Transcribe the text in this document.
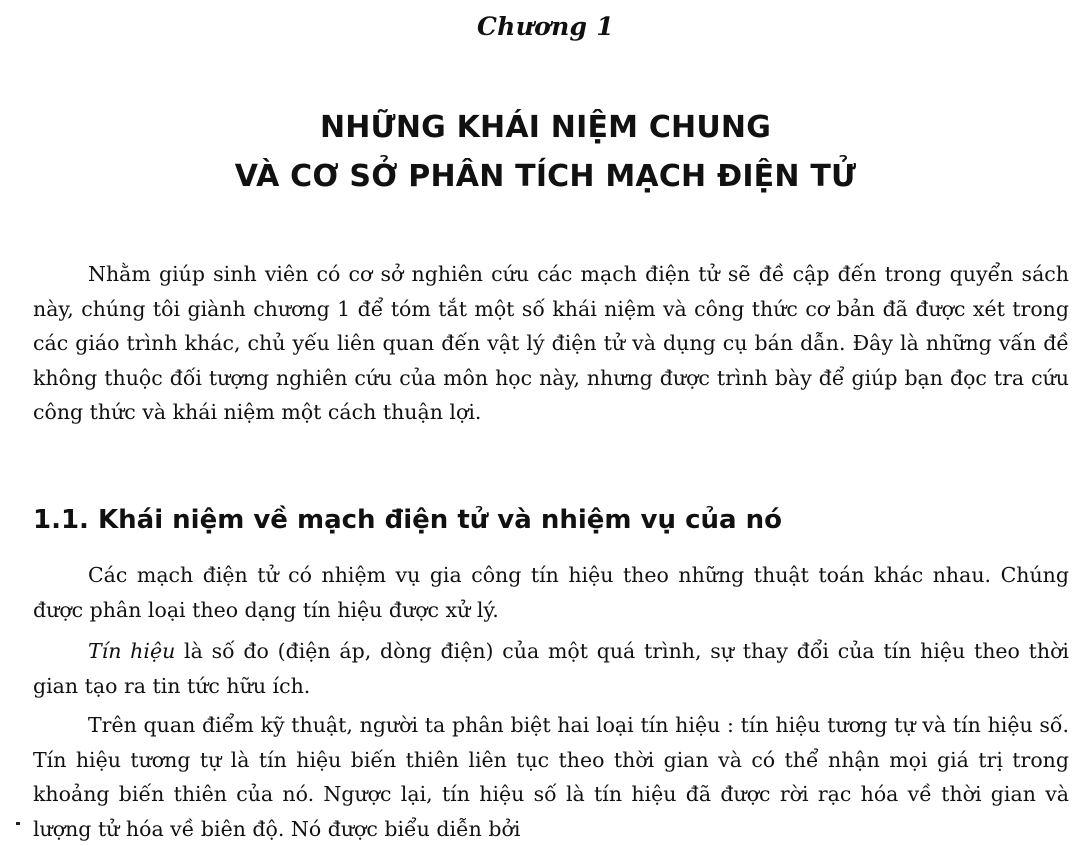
Chương 1
NHỮNG KHÁI NIỆM CHUNG
VÀ CƠ SỞ PHÂN TÍCH MẠCH ĐIỆN TỬ

Nhằm giúp sinh viên có cơ sở nghiên cứu các mạch điện tử sẽ đề cập đến trong quyển sách này, chúng tôi giành chương 1 để tóm tắt một số khái niệm và công thức cơ bản đã được xét trong các giáo trình khác, chủ yếu liên quan đến vật lý điện tử và dụng cụ bán dẫn. Đây là những vấn đề không thuộc đối tượng nghiên cứu của môn học này, nhưng được trình bày để giúp bạn đọc tra cứu công thức và khái niệm một cách thuận lợi.

1.1. Khái niệm về mạch điện tử và nhiệm vụ của nó

Các mạch điện tử có nhiệm vụ gia công tín hiệu theo những thuật toán khác nhau. Chúng được phân loại theo dạng tín hiệu được xử lý.

Tín hiệu là số đo (điện áp, dòng điện) của một quá trình, sự thay đổi của tín hiệu theo thời gian tạo ra tin tức hữu ích.

Trên quan điểm kỹ thuật, người ta phân biệt hai loại tín hiệu : tín hiệu tương tự và tín hiệu số. Tín hiệu tương tự là tín hiệu biến thiên liên tục theo thời gian và có thể nhận mọi giá trị trong khoảng biến thiên của nó. Ngược lại, tín hiệu số là tín hiệu đã được rời rạc hóa về thời gian và lượng tử hóa về biên độ. Nó được biểu diễn bởi
